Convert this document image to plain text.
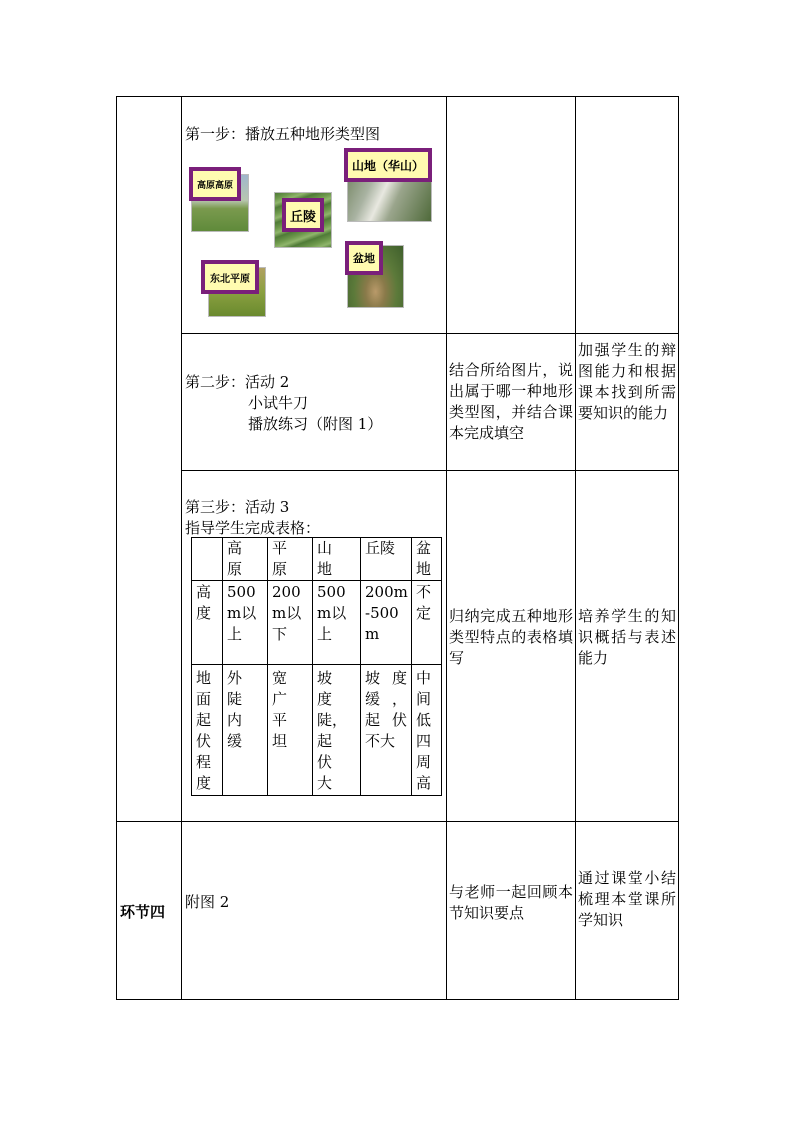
第一步：播放五种地形类型图
高原高原
山地（华山）
丘陵
盆地
东北平原
第二步：活动 2
小试牛刀
播放练习（附图 1）
结合所给图片，说出属于哪一种地形类型图，并结合课本完成填空
加强学生的辩图能力和根据课本找到所需要知识的能力
第三步：活动 3
指导学生完成表格：
高原
平原
山地
丘陵	盆地
高度
500m以上
200m以下
500m以上
200m-500m
不定
地面起伏程度
外陡内缓
宽广平坦
坡度陡，起伏大
坡度缓，起伏不大
中间低四周高
归纳完成五种地形类型特点的表格填写
培养学生的知识概括与表述能力
环节四
附图 2
与老师一起回顾本节知识要点
通过课堂小结梳理本堂课所学知识
